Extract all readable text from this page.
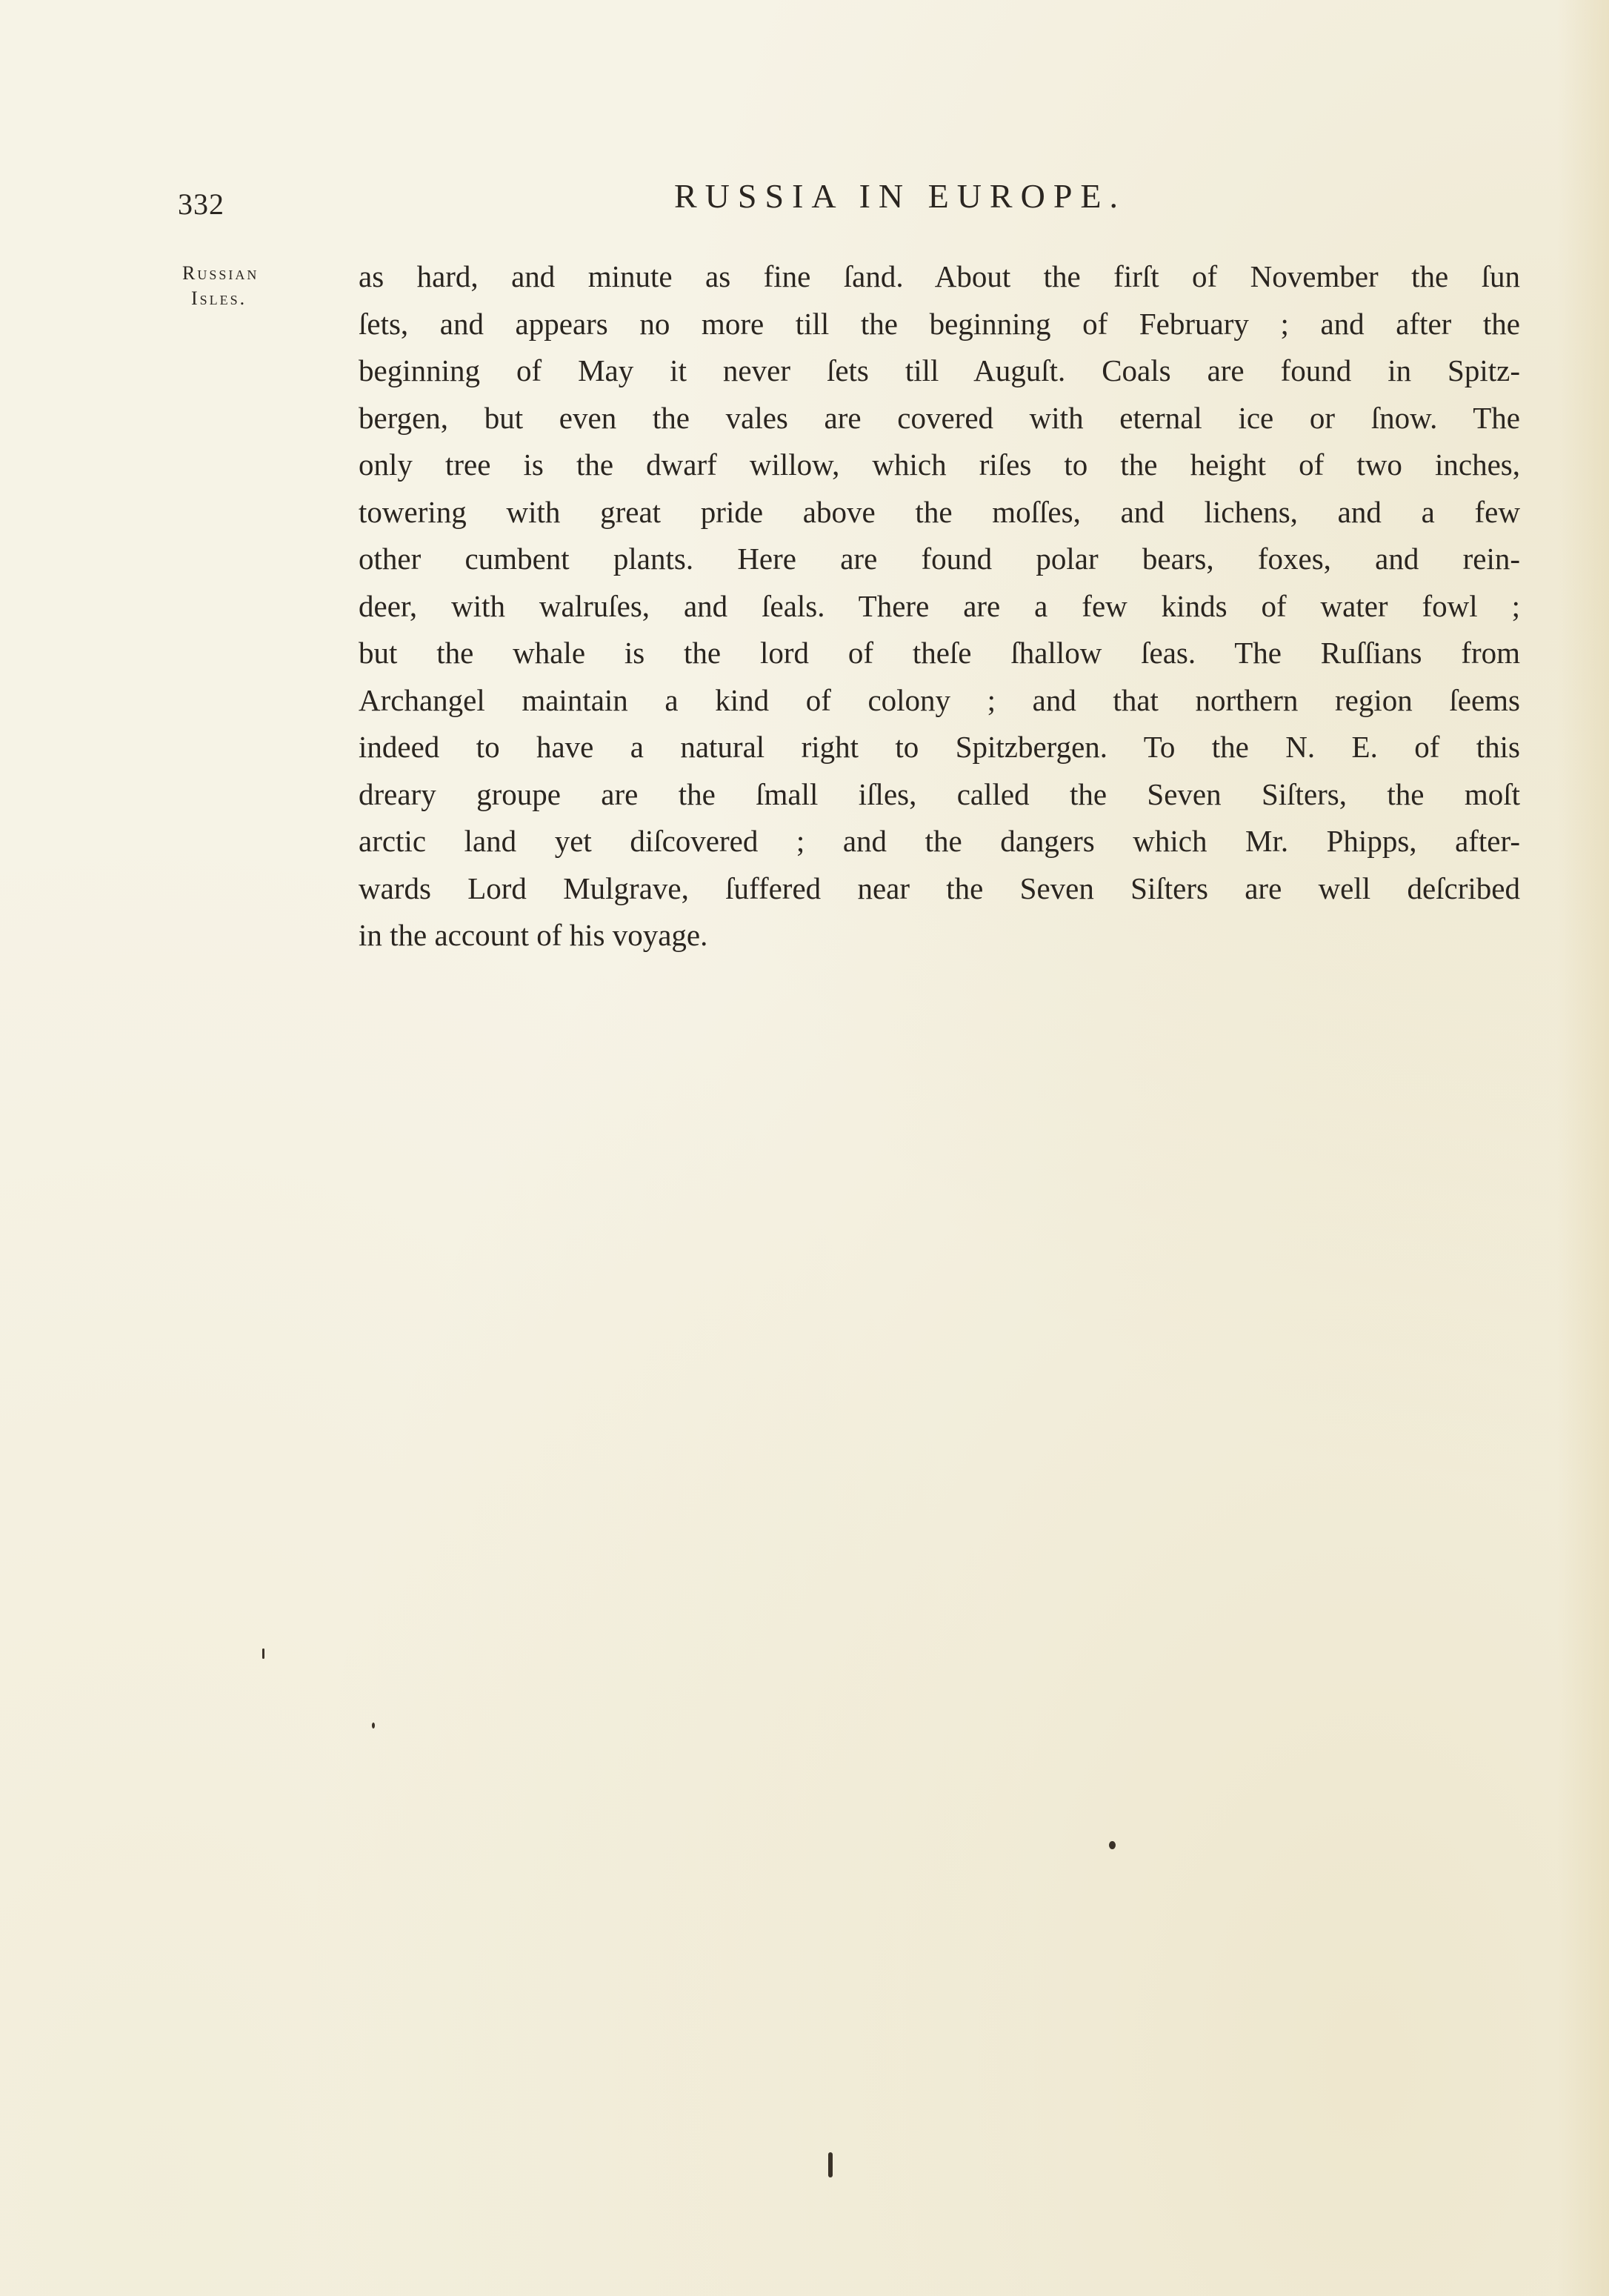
332	RUSSIA IN EUROPE.
Russian
Isles.
as hard, and minute as fine ſand. About the firſt of November the ſun
ſets, and appears no more till the beginning of February ; and after the
beginning of May it never ſets till Auguſt. Coals are found in Spitz-
bergen, but even the vales are covered with eternal ice or ſnow. The
only tree is the dwarf willow, which riſes to the height of two inches,
towering with great pride above the moſſes, and lichens, and a few
other cumbent plants. Here are found polar bears, foxes, and rein-
deer, with walruſes, and ſeals. There are a few kinds of water fowl ;
but the whale is the lord of theſe ſhallow ſeas. The Ruſſians from
Archangel maintain a kind of colony ; and that northern region ſeems
indeed to have a natural right to Spitzbergen. To the N. E. of this
dreary groupe are the ſmall iſles, called the Seven Siſters, the moſt
arctic land yet diſcovered ; and the dangers which Mr. Phipps, after-
wards Lord Mulgrave, ſuffered near the Seven Siſters are well deſcribed
in the account of his voyage.
